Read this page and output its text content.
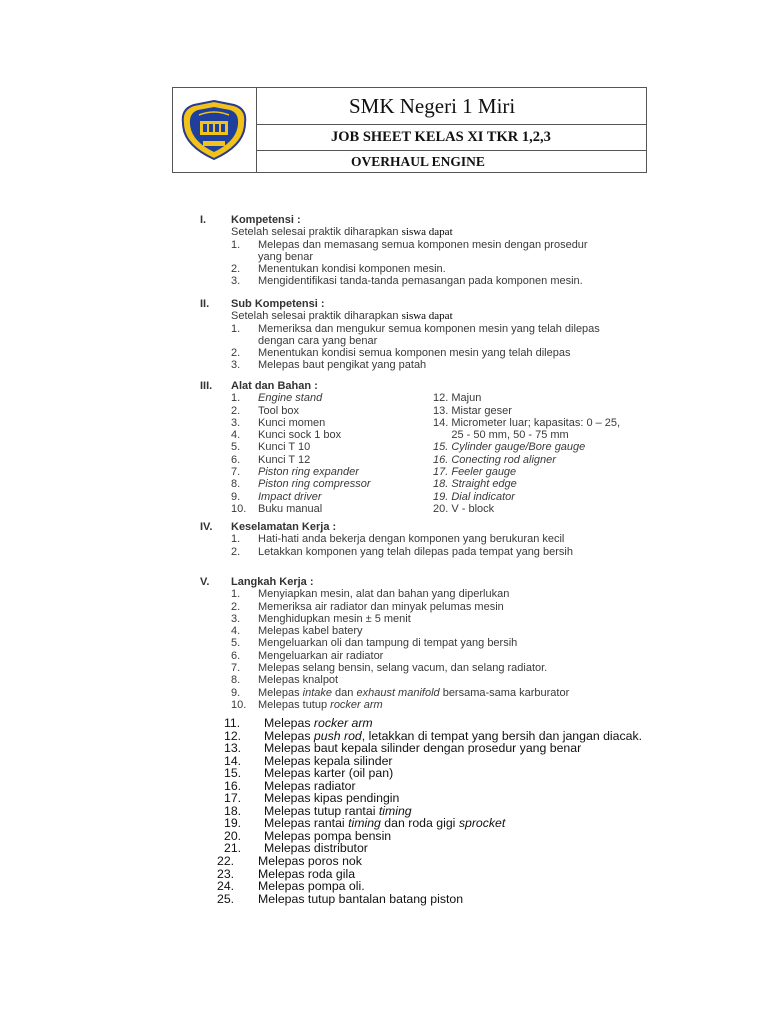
SMK Negeri 1 Miri
JOB SHEET KELAS XI TKR 1,2,3
OVERHAUL ENGINE
I. Kompetensi :
Setelah selesai praktik diharapkan siswa dapat
1. Melepas dan memasang semua komponen mesin dengan prosedur
yang benar
2. Menentukan kondisi komponen mesin.
3. Mengidentifikasi tanda-tanda pemasangan pada komponen mesin.
II. Sub Kompetensi :
Setelah selesai praktik diharapkan siswa dapat
1. Memeriksa dan mengukur semua komponen mesin yang telah dilepas
dengan cara yang benar
2. Menentukan kondisi semua komponen mesin yang telah dilepas
3. Melepas baut pengikat yang patah
III. Alat dan Bahan :
1. Engine stand	12. Majun
2. Tool box	13. Mistar geser
3. Kunci momen	14. Micrometer luar; kapasitas: 0 – 25,
4. Kunci sock 1 box	25 - 50 mm, 50 - 75 mm
5. Kunci T 10	15. Cylinder gauge/Bore gauge
6. Kunci T 12	16. Conecting rod aligner
7. Piston ring expander	17. Feeler gauge
8. Piston ring compressor	18. Straight edge
9. Impact driver	19. Dial indicator
10. Buku manual	20. V - block
IV. Keselamatan Kerja :
1. Hati-hati anda bekerja dengan komponen yang berukuran kecil
2. Letakkan komponen yang telah dilepas pada tempat yang bersih
V. Langkah Kerja :
1. Menyiapkan mesin, alat dan bahan yang diperlukan
2. Memeriksa air radiator dan minyak pelumas mesin
3. Menghidupkan mesin ± 5 menit
4. Melepas kabel batery
5. Mengeluarkan oli dan tampung di tempat yang bersih
6. Mengeluarkan air radiator
7. Melepas selang bensin, selang vacum, dan selang radiator.
8. Melepas knalpot
9. Melepas intake dan exhaust manifold bersama-sama karburator
10. Melepas tutup rocker arm
11.	Melepas rocker arm
12.	Melepas push rod, letakkan di tempat yang bersih dan jangan diacak.
13.	Melepas baut kepala silinder dengan prosedur yang benar
14.	Melepas kepala silinder
15.	Melepas karter (oil pan)
16.	Melepas radiator
17.	Melepas kipas pendingin
18.	Melepas tutup rantai timing
19.	Melepas rantai timing dan roda gigi sprocket
20.	Melepas pompa bensin
21.	Melepas distributor
22.	Melepas poros nok
23.	Melepas roda gila
24.	Melepas pompa oli.
25.	Melepas tutup bantalan batang piston
